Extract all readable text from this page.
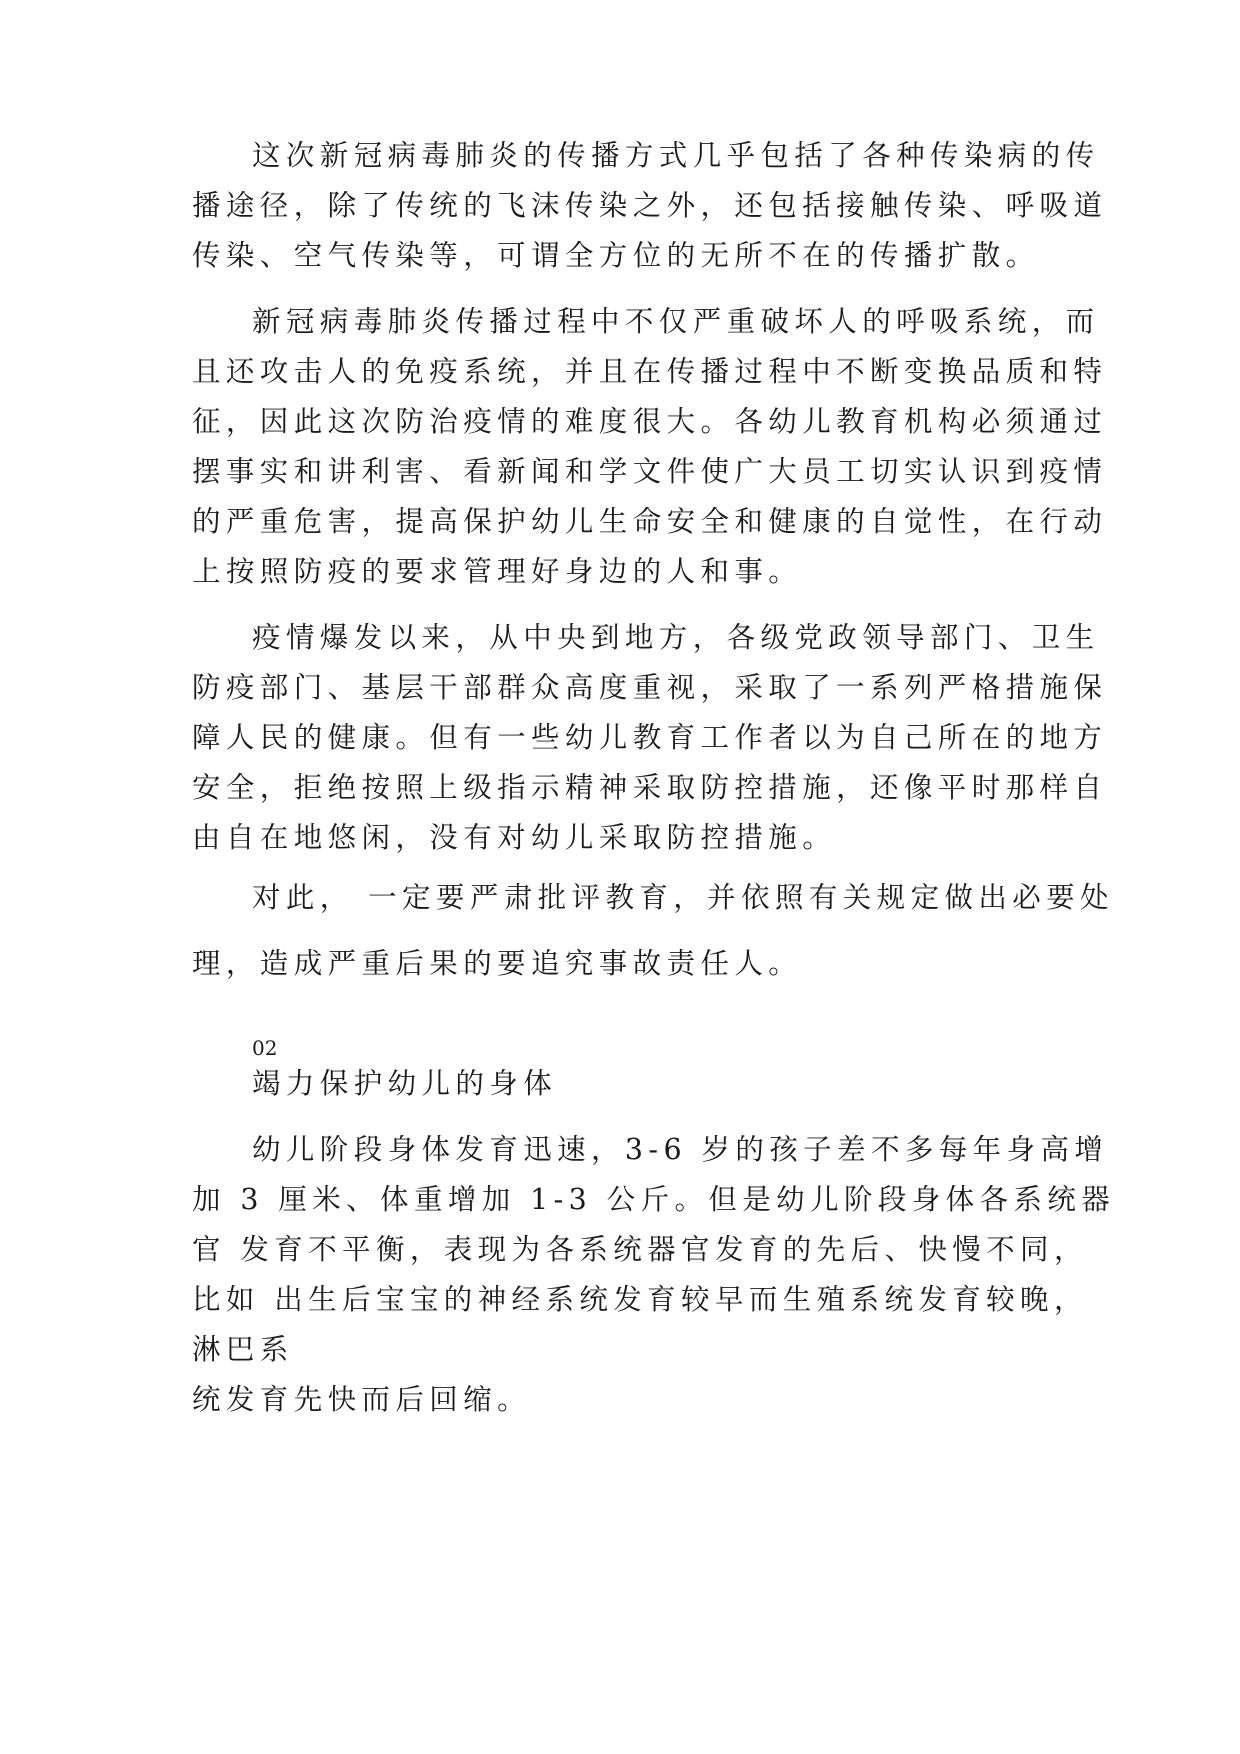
这次新冠病毒肺炎的传播方式几乎包括了各种传染病的传

播途径，除了传统的飞沫传染之外，还包括接触传染、呼吸道

传染、空气传染等，可谓全方位的无所不在的传播扩散。

新冠病毒肺炎传播过程中不仅严重破坏人的呼吸系统，而

且还攻击人的免疫系统，并且在传播过程中不断变换品质和特

征，因此这次防治疫情的难度很大。各幼儿教育机构必须通过

摆事实和讲利害、看新闻和学文件使广大员工切实认识到疫情

的严重危害，提高保护幼儿生命安全和健康的自觉性，在行动

上按照防疫的要求管理好身边的人和事。

疫情爆发以来，从中央到地方，各级党政领导部门、卫生

防疫部门、基层干部群众高度重视，采取了一系列严格措施保

障人民的健康。但有一些幼儿教育工作者以为自己所在的地方

安全，拒绝按照上级指示精神采取防控措施，还像平时那样自

由自在地悠闲，没有对幼儿采取防控措施。

对此， 一定要严肃批评教育，并依照有关规定做出必要处

理，造成严重后果的要追究事故责任人。

02

竭力保护幼儿的身体

幼儿阶段身体发育迅速，3-6 岁的孩子差不多每年身高增

加 3 厘米、体重增加 1-3 公斤。但是幼儿阶段身体各系统器

官 发育不平衡，表现为各系统器官发育的先后、快慢不同，

比如 出生后宝宝的神经系统发育较早而生殖系统发育较晚，

淋巴系

统发育先快而后回缩。
